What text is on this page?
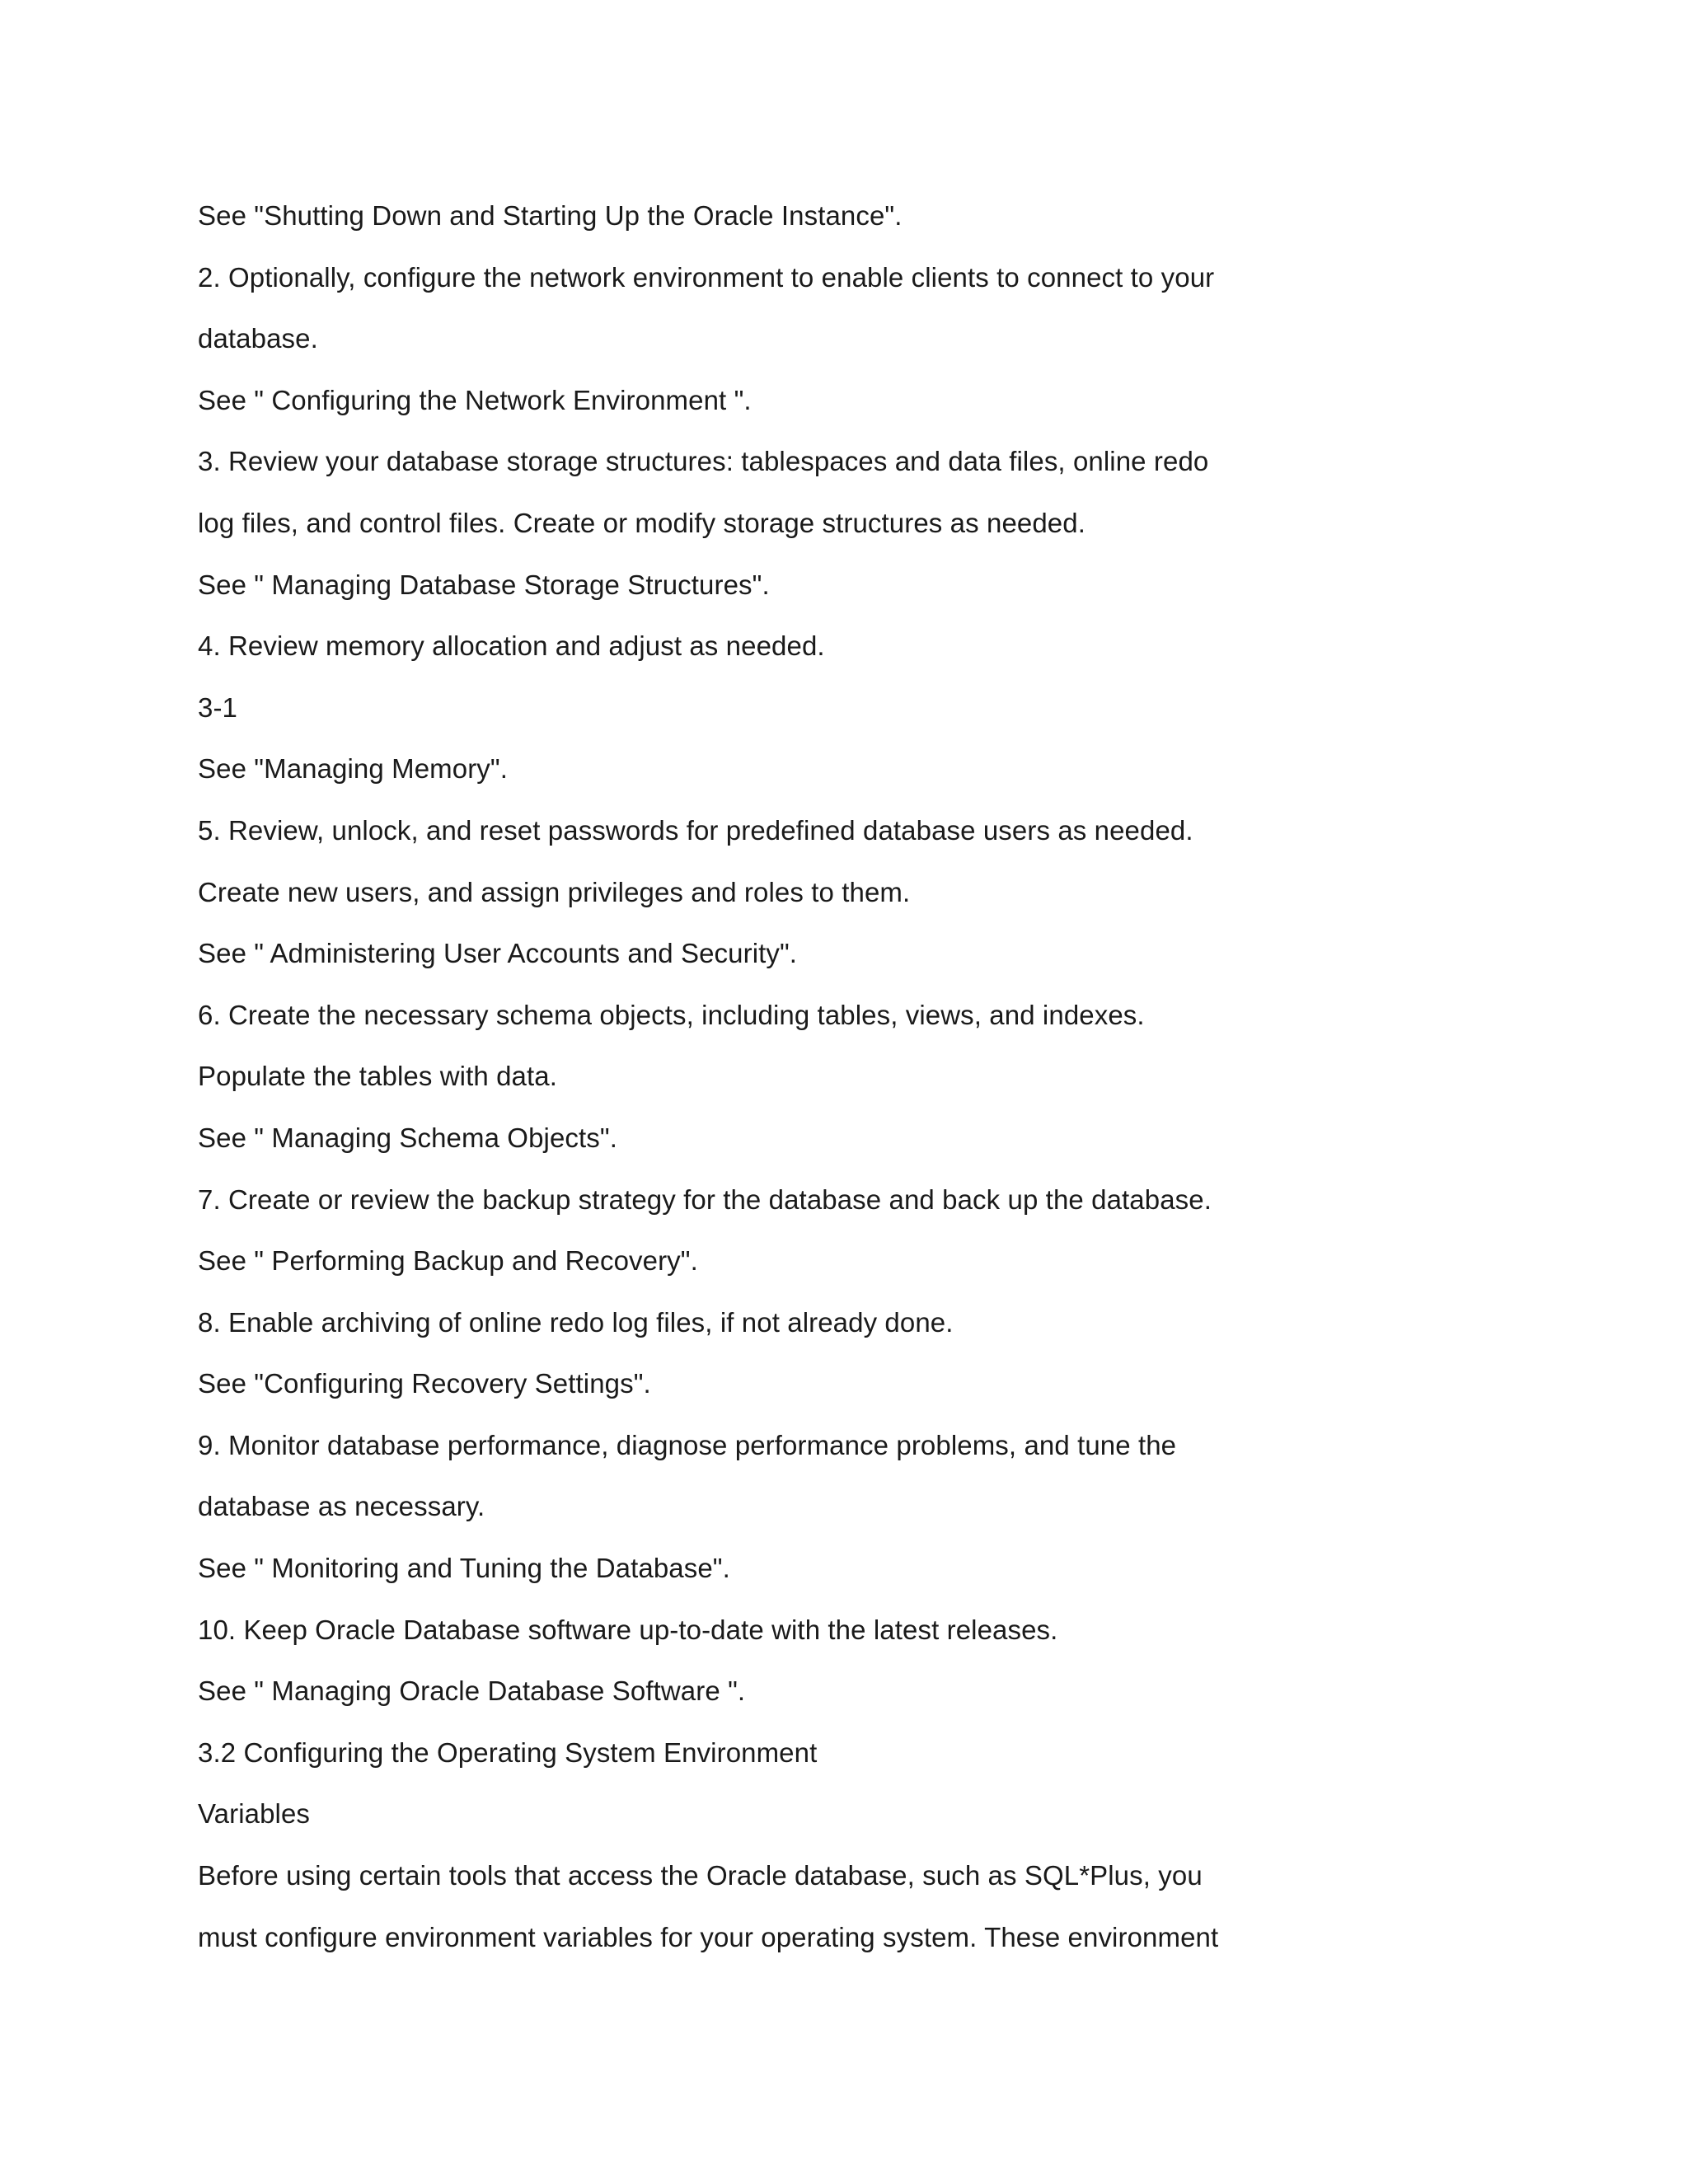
See "Shutting Down and Starting Up the Oracle Instance".
2. Optionally, configure the network environment to enable clients to connect to your
database.
See " Configuring the Network Environment ".
3. Review your database storage structures: tablespaces and data files, online redo
log files, and control files. Create or modify storage structures as needed.
See " Managing Database Storage Structures".
4. Review memory allocation and adjust as needed.
3-1
See "Managing Memory".
5. Review, unlock, and reset passwords for predefined database users as needed.
Create new users, and assign privileges and roles to them.
See " Administering User Accounts and Security".
6. Create the necessary schema objects, including tables, views, and indexes.
Populate the tables with data.
See " Managing Schema Objects".
7. Create or review the backup strategy for the database and back up the database.
See " Performing Backup and Recovery".
8. Enable archiving of online redo log files, if not already done.
See "Configuring Recovery Settings".
9. Monitor database performance, diagnose performance problems, and tune the
database as necessary.
See " Monitoring and Tuning the Database".
10. Keep Oracle Database software up-to-date with the latest releases.
See " Managing Oracle Database Software ".
3.2 Configuring the Operating System Environment
Variables
Before using certain tools that access the Oracle database, such as SQL*Plus, you
must configure environment variables for your operating system. These environment
